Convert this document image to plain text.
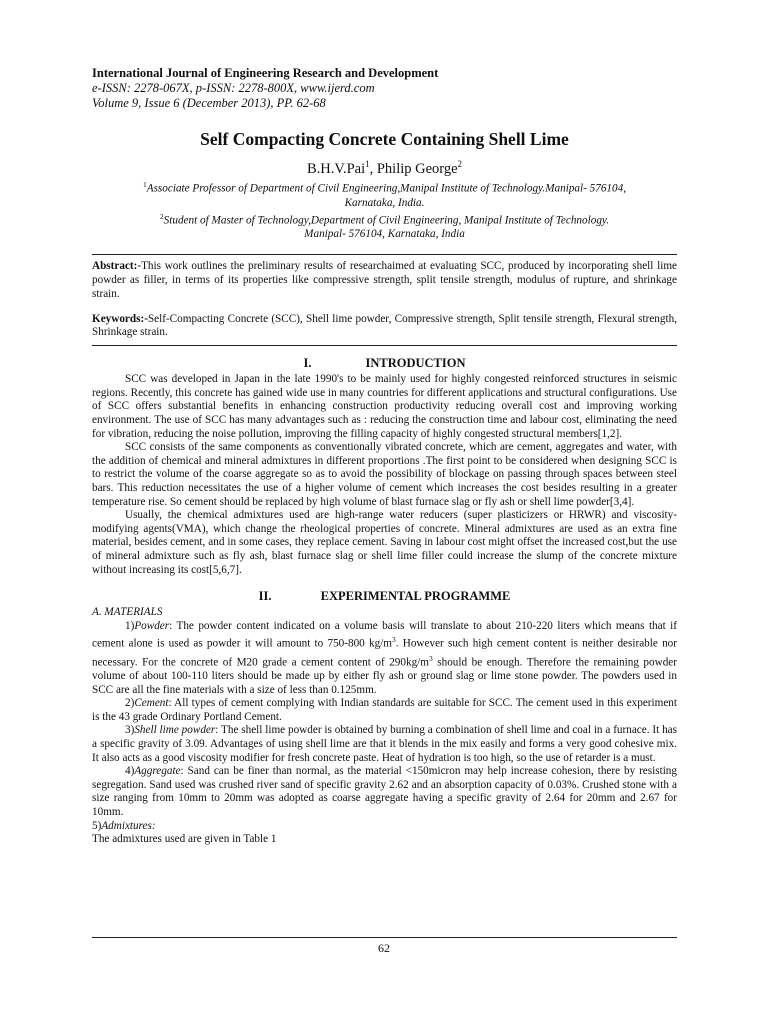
International Journal of Engineering Research and Development
e-ISSN: 2278-067X, p-ISSN: 2278-800X, www.ijerd.com
Volume 9, Issue 6 (December 2013), PP. 62-68
Self Compacting Concrete Containing Shell Lime
B.H.V.Pai$^1$, Philip George$^2$
$^1$Associate Professor of Department of Civil Engineering,Manipal Institute of Technology.Manipal- 576104,
Karnataka, India.
$^2$Student of Master of Technology,Department of Civil Engineering, Manipal Institute of Technology.
Manipal- 576104, Karnataka, India

Abstract:-This work outlines the preliminary results of researchaimed at evaluating SCC, produced by incorporating shell lime powder as filler, in terms of its properties like compressive strength, split tensile strength, modulus of rupture, and shrinkage strain.

Keywords:-Self-Compacting Concrete (SCC), Shell lime powder, Compressive strength, Split tensile strength, Flexural strength, Shrinkage strain.

I.	INTRODUCTION

SCC was developed in Japan in the late 1990's to be mainly used for highly congested reinforced structures in seismic regions. Recently, this concrete has gained wide use in many countries for different applications and structural configurations. Use of SCC offers substantial benefits in enhancing construction productivity reducing overall cost and improving working environment. The use of SCC has many advantages such as : reducing the construction time and labour cost, eliminating the need for vibration, reducing the noise pollution, improving the filling capacity of highly congested structural members[1,2].

SCC consists of the same components as conventionally vibrated concrete, which are cement, aggregates and water, with the addition of chemical and mineral admixtures in different proportions .The first point to be considered when designing SCC is to restrict the volume of the coarse aggregate so as to avoid the possibility of blockage on passing through spaces between steel bars. This reduction necessitates the use of a higher volume of cement which increases the cost besides resulting in a greater temperature rise. So cement should be replaced by high volume of blast furnace slag or fly ash or shell lime powder[3,4].

Usually, the chemical admixtures used are high-range water reducers (super plasticizers or HRWR) and viscosity-modifying agents(VMA), which change the rheological properties of concrete. Mineral admixtures are used as an extra fine material, besides cement, and in some cases, they replace cement. Saving in labour cost might offset the increased cost,but the use of mineral admixture such as fly ash, blast furnace slag or shell lime filler could increase the slump of the concrete mixture without increasing its cost[5,6,7].

II.	EXPERIMENTAL PROGRAMME

A. MATERIALS

1)Powder: The powder content indicated on a volume basis will translate to about 210-220 liters which means that if cement alone is used as powder it will amount to 750-800 $kg/m^3$. However such high cement content is neither desirable nor necessary. For the concrete of M20 grade a cement content of $290kg/m^3$ should be enough. Therefore the remaining powder volume of about 100-110 liters should be made up by either fly ash or ground slag or lime stone powder. The powders used in SCC are all the fine materials with a size of less than 0.125mm.

2)Cement: All types of cement complying with Indian standards are suitable for SCC. The cement used in this experiment is the 43 grade Ordinary Portland Cement.

3)Shell lime powder: The shell lime powder is obtained by burning a combination of shell lime and coal in a furnace. It has a specific gravity of 3.09. Advantages of using shell lime are that it blends in the mix easily and forms a very good cohesive mix. It also acts as a good viscosity modifier for fresh concrete paste. Heat of hydration is too high, so the use of retarder is a must.

4)Aggregate: Sand can be finer than normal, as the material <150micron may help increase cohesion, there by resisting segregation. Sand used was crushed river sand of specific gravity 2.62 and an absorption capacity of 0.03%. Crushed stone with a size ranging from 10mm to 20mm was adopted as coarse aggregate having a specific gravity of 2.64 for 20mm and 2.67 for 10mm.

5)Admixtures:

The admixtures used are given in Table 1

62
